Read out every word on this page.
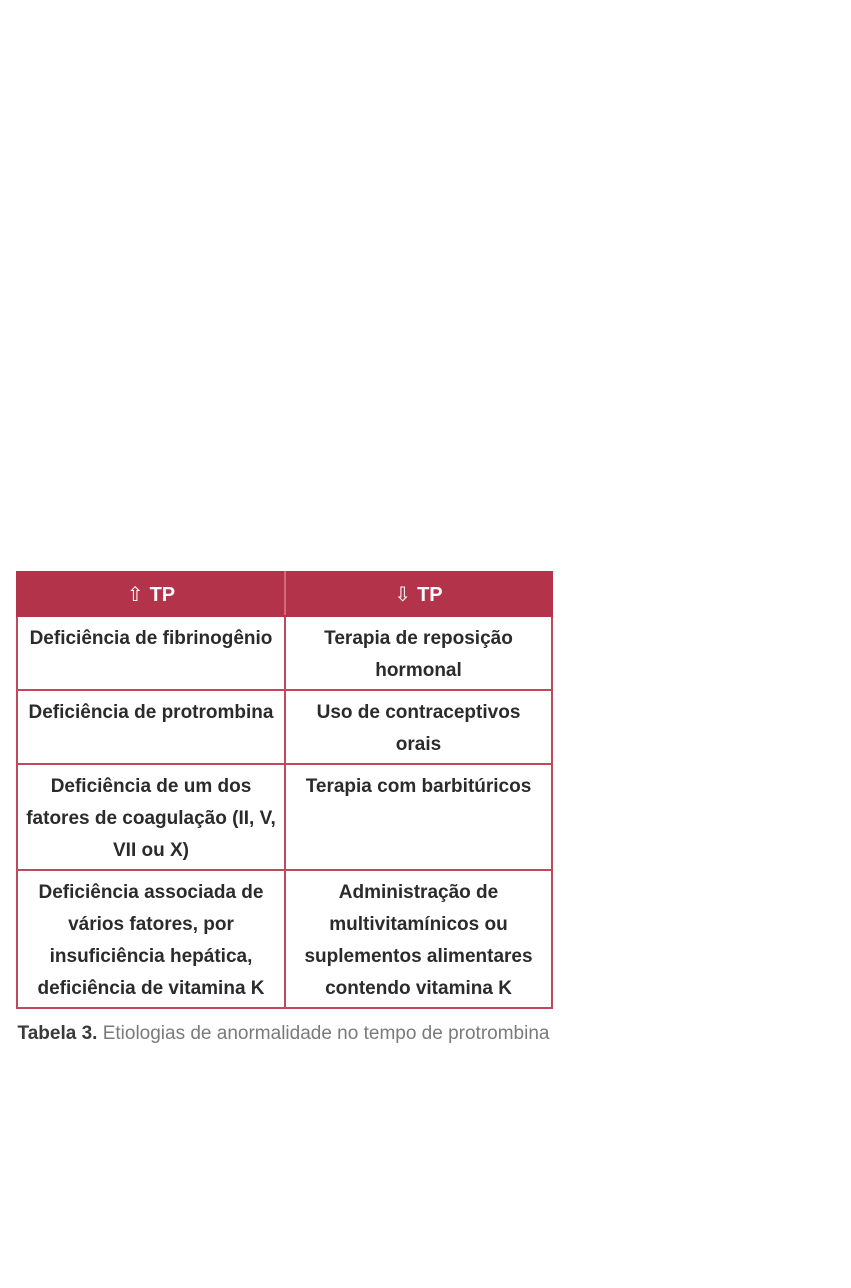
⇧ TP	⇩ TP
Deficiência de fibrinogênio	Terapia de reposição hormonal
Deficiência de protrombina	Uso de contraceptivos orais
Deficiência de um dos fatores de coagulação (II, V, VII ou X)	Terapia com barbitúricos
Deficiência associada de vários fatores, por insuficiência hepática, deficiência de vitamina K	Administração de multivitamínicos ou suplementos alimentares contendo vitamina K
Tabela 3. Etiologias de anormalidade no tempo de protrombina
